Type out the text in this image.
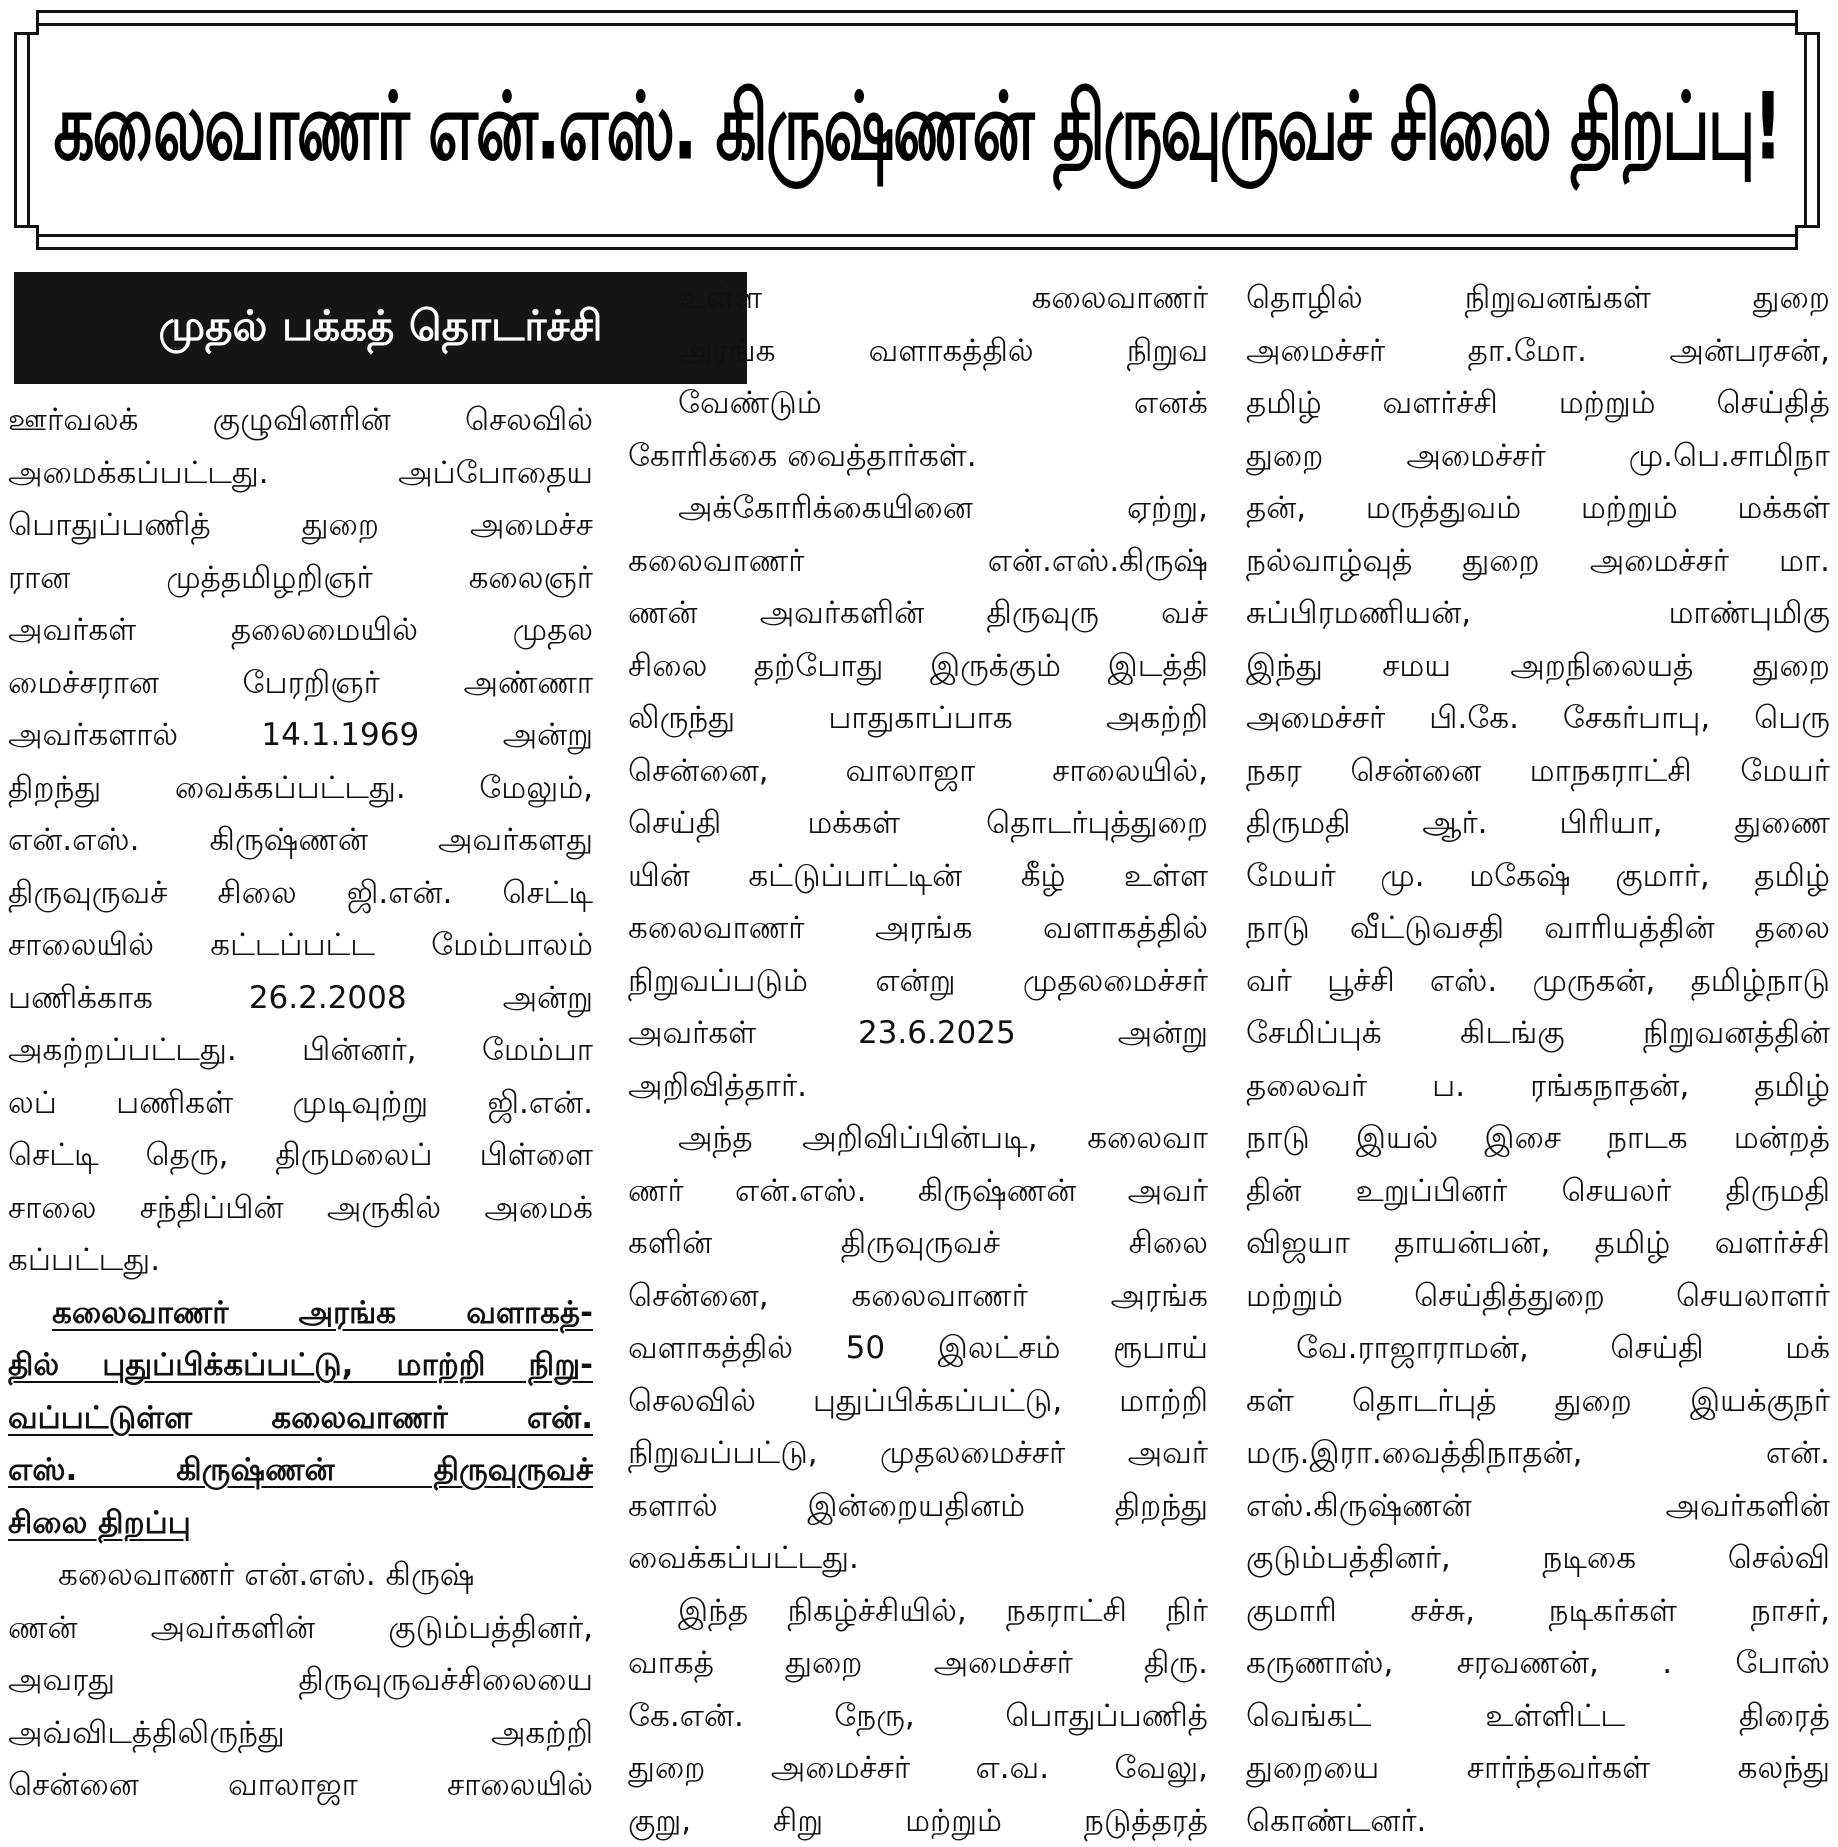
கலைவாணர் என்.எஸ். கிருஷ்ணன் திருவுருவச் சிலை திறப்பு!
முதல் பக்கத் தொடர்ச்சி
ஊர்வலக் குழுவினரின் செலவில்
அமைக்கப்பட்டது. அப்போதைய
பொதுப்பணித் துறை அமைச்ச
ரான முத்தமிழறிஞர் கலைஞர்
அவர்கள் தலைமையில் முதல
மைச்சரான பேரறிஞர் அண்ணா
அவர்களால் 14.1.1969 அன்று
திறந்து வைக்கப்பட்டது. மேலும்,
என்.எஸ். கிருஷ்ணன் அவர்களது
திருவுருவச் சிலை ஜி.என். செட்டி
சாலையில் கட்டப்பட்ட மேம்பாலம்
பணிக்காக 26.2.2008 அன்று
அகற்றப்பட்டது. பின்னர், மேம்பா
லப் பணிகள் முடிவுற்று ஜி.என்.
செட்டி தெரு, திருமலைப் பிள்ளை
சாலை சந்திப்பின் அருகில் அமைக்
கப்பட்டது.
கலைவாணர் அரங்க வளாகத்-
தில் புதுப்பிக்கப்பட்டு, மாற்றி நிறு-
வப்பட்டுள்ள கலைவாணர் என்.
எஸ். கிருஷ்ணன் திருவுருவச்
சிலை திறப்பு
கலைவாணர் என்.எஸ். கிருஷ்
ணன் அவர்களின் குடும்பத்தினர்,
அவரது திருவுருவச்சிலையை
அவ்விடத்திலிருந்து அகற்றி
சென்னை வாலாஜா சாலையில்
உள்ள கலைவாணர்
அரங்க வளாகத்தில் நிறுவ
வேண்டும் எனக்
கோரிக்கை வைத்தார்கள்.
அக்கோரிக்கையினை ஏற்று,
கலைவாணர் என்.எஸ்.கிருஷ்
ணன் அவர்களின் திருவுரு வச்
சிலை தற்போது இருக்கும் இடத்தி
லிருந்து பாதுகாப்பாக அகற்றி
சென்னை, வாலாஜா சாலையில்,
செய்தி மக்கள் தொடர்புத்துறை
யின் கட்டுப்பாட்டின் கீழ் உள்ள
கலைவாணர் அரங்க வளாகத்தில்
நிறுவப்படும் என்று முதலமைச்சர்
அவர்கள் 23.6.2025 அன்று
அறிவித்தார்.
அந்த அறிவிப்பின்படி, கலைவா
ணர் என்.எஸ். கிருஷ்ணன் அவர்
களின் திருவுருவச் சிலை
சென்னை, கலைவாணர் அரங்க
வளாகத்தில் 50 இலட்சம் ரூபாய்
செலவில் புதுப்பிக்கப்பட்டு, மாற்றி
நிறுவப்பட்டு, முதலமைச்சர் அவர்
களால் இன்றையதினம் திறந்து
வைக்கப்பட்டது.
இந்த நிகழ்ச்சியில், நகராட்சி நிர்
வாகத் துறை அமைச்சர் திரு.
கே.என். நேரு, பொதுப்பணித்
துறை அமைச்சர் எ.வ. வேலு,
குறு, சிறு மற்றும் நடுத்தரத்
தொழில் நிறுவனங்கள் துறை
அமைச்சர் தா.மோ. அன்பரசன்,
தமிழ் வளர்ச்சி மற்றும் செய்தித்
துறை அமைச்சர் மு.பெ.சாமிநா
தன், மருத்துவம் மற்றும் மக்கள்
நல்வாழ்வுத் துறை அமைச்சர் மா.
சுப்பிரமணியன், மாண்புமிகு
இந்து சமய அறநிலையத் துறை
அமைச்சர் பி.கே. சேகர்பாபு, பெரு
நகர சென்னை மாநகராட்சி மேயர்
திருமதி ஆர். பிரியா, துணை
மேயர் மு. மகேஷ் குமார், தமிழ்
நாடு வீட்டுவசதி வாரியத்தின் தலை
வர் பூச்சி எஸ். முருகன், தமிழ்நாடு
சேமிப்புக் கிடங்கு நிறுவனத்தின்
தலைவர் ப. ரங்கநாதன், தமிழ்
நாடு இயல் இசை நாடக மன்றத்
தின் உறுப்பினர் செயலர் திருமதி
விஜயா தாயன்பன், தமிழ் வளர்ச்சி
மற்றும் செய்தித்துறை செயலாளர்
வே.ராஜாராமன், செய்தி மக்
கள் தொடர்புத் துறை இயக்குநர்
மரு.இரா.வைத்திநாதன், என்.
எஸ்.கிருஷ்ணன் அவர்களின்
குடும்பத்தினர், நடிகை செல்வி
குமாரி சச்சு, நடிகர்கள் நாசர்,
கருணாஸ், சரவணன், . போஸ்
வெங்கட் உள்ளிட்ட திரைத்
துறையை சார்ந்தவர்கள் கலந்து
கொண்டனர்.
